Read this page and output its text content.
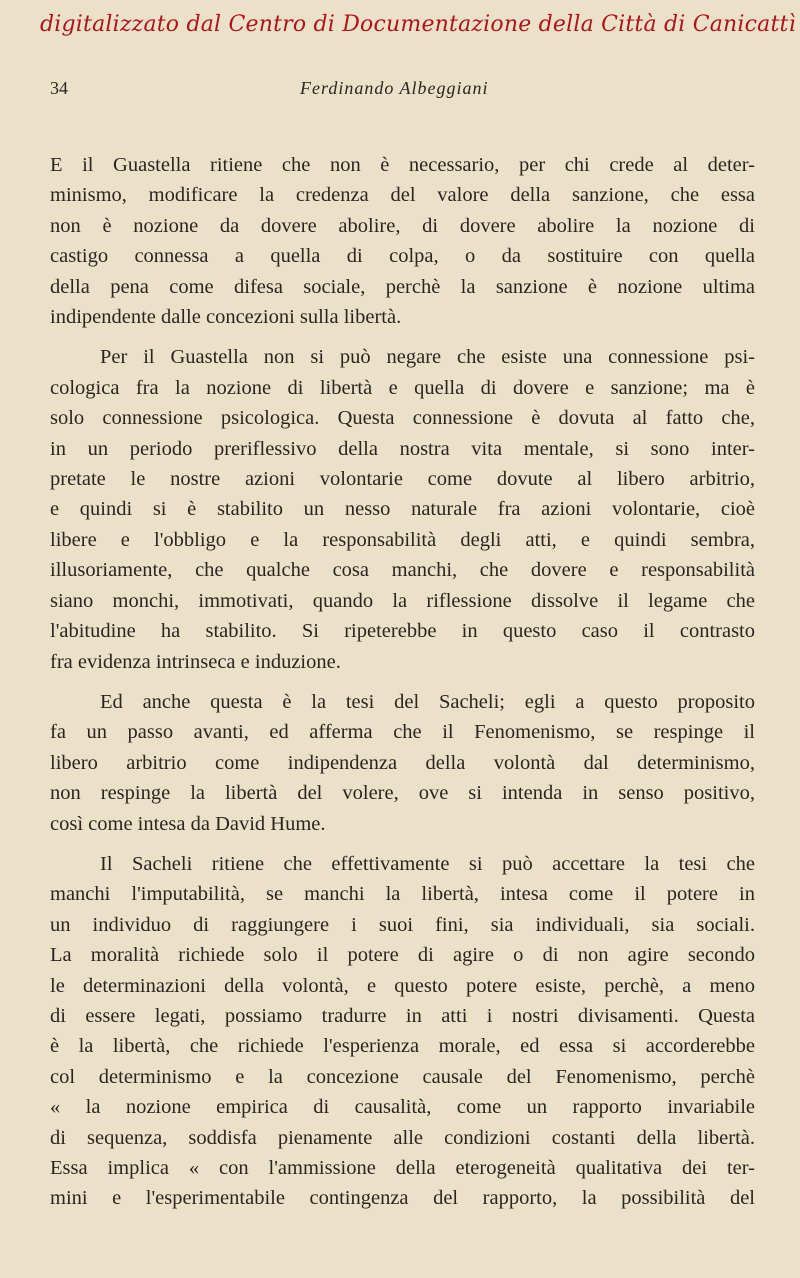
digitalizzato dal Centro di Documentazione della Città di Canicattì
34	Ferdinando Albeggiani
E il Guastella ritiene che non è necessario, per chi crede al deter-
minismo, modificare la credenza del valore della sanzione, che essa
non è nozione da dovere abolire, di dovere abolire la nozione di
castigo connessa a quella di colpa, o da sostituire con quella
della pena come difesa sociale, perchè la sanzione è nozione ultima
indipendente dalle concezioni sulla libertà.
Per il Guastella non si può negare che esiste una connessione psi-
cologica fra la nozione di libertà e quella di dovere e sanzione; ma è
solo connessione psicologica. Questa connessione è dovuta al fatto che,
in un periodo preriflessivo della nostra vita mentale, si sono inter-
pretate le nostre azioni volontarie come dovute al libero arbitrio,
e quindi si è stabilito un nesso naturale fra azioni volontarie, cioè
libere e l'obbligo e la responsabilità degli atti, e quindi sembra,
illusoriamente, che qualche cosa manchi, che dovere e responsabilità
siano monchi, immotivati, quando la riflessione dissolve il legame che
l'abitudine ha stabilito. Si ripeterebbe in questo caso il contrasto
fra evidenza intrinseca e induzione.
Ed anche questa è la tesi del Sacheli; egli a questo proposito
fa un passo avanti, ed afferma che il Fenomenismo, se respinge il
libero arbitrio come indipendenza della volontà dal determinismo,
non respinge la libertà del volere, ove si intenda in senso positivo,
così come intesa da David Hume.
Il Sacheli ritiene che effettivamente si può accettare la tesi che
manchi l'imputabilità, se manchi la libertà, intesa come il potere in
un individuo di raggiungere i suoi fini, sia individuali, sia sociali.
La moralità richiede solo il potere di agire o di non agire secondo
le determinazioni della volontà, e questo potere esiste, perchè, a meno
di essere legati, possiamo tradurre in atti i nostri divisamenti. Questa
è la libertà, che richiede l'esperienza morale, ed essa si accorderebbe
col determinismo e la concezione causale del Fenomenismo, perchè
« la nozione empirica di causalità, come un rapporto invariabile
di sequenza, soddisfa pienamente alle condizioni costanti della libertà.
Essa implica « con l'ammissione della eterogeneità qualitativa dei ter-
mini e l'esperimentabile contingenza del rapporto, la possibilità del
